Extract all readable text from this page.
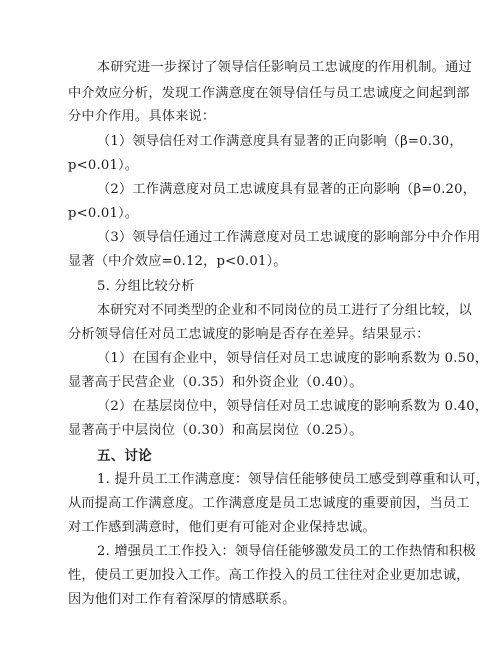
本研究进一步探讨了领导信任影响员工忠诚度的作用机制。通过
中介效应分析，发现工作满意度在领导信任与员工忠诚度之间起到部
分中介作用。具体来说：
（1）领导信任对工作满意度具有显著的正向影响（β=0.30，
p<0.01）。
（2）工作满意度对员工忠诚度具有显著的正向影响（β=0.20，
p<0.01）。
（3）领导信任通过工作满意度对员工忠诚度的影响部分中介作用
显著（中介效应=0.12，p<0.01）。
5. 分组比较分析
本研究对不同类型的企业和不同岗位的员工进行了分组比较，以
分析领导信任对员工忠诚度的影响是否存在差异。结果显示：
（1）在国有企业中，领导信任对员工忠诚度的影响系数为 0.50，
显著高于民营企业（0.35）和外资企业（0.40）。
（2）在基层岗位中，领导信任对员工忠诚度的影响系数为 0.40，
显著高于中层岗位（0.30）和高层岗位（0.25）。
五、讨论
1. 提升员工工作满意度：领导信任能够使员工感受到尊重和认可，
从而提高工作满意度。工作满意度是员工忠诚度的重要前因，当员工
对工作感到满意时，他们更有可能对企业保持忠诚。
2. 增强员工工作投入：领导信任能够激发员工的工作热情和积极
性，使员工更加投入工作。高工作投入的员工往往对企业更加忠诚，
因为他们对工作有着深厚的情感联系。
